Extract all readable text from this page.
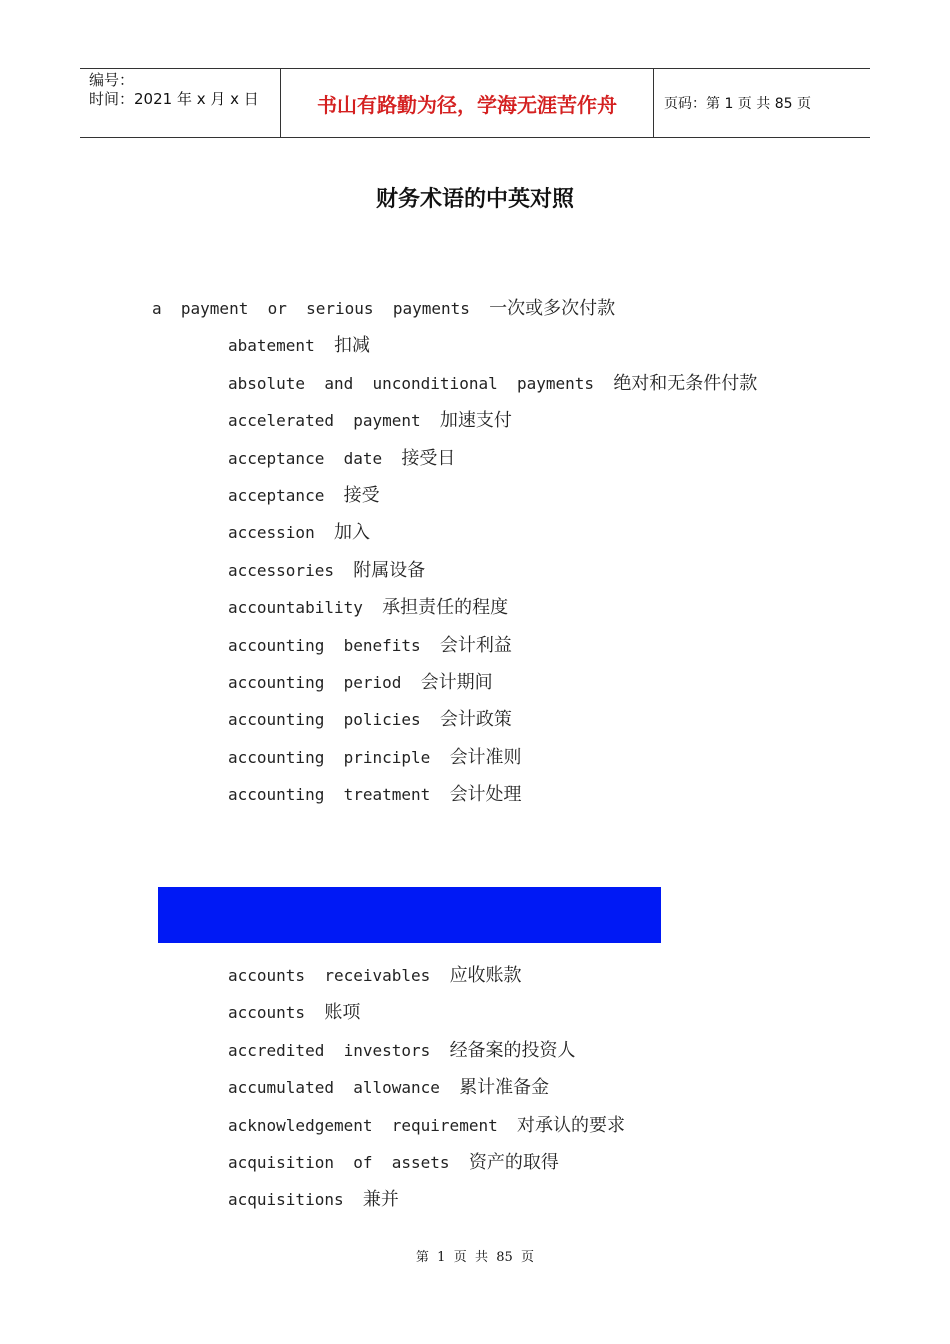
编号：
时间：2021 年 x 月 x 日	书山有路勤为径，学海无涯苦作舟	页码：第 1 页 共 85 页
财务术语的中英对照
a  payment  or  serious  payments 一次或多次付款
abatement 扣减
absolute  and  unconditional  payments 绝对和无条件付款
accelerated  payment 加速支付
acceptance  date 接受日
acceptance 接受
accession 加入
accessories 附属设备
accountability 承担责任的程度
accounting  benefits 会计利益
accounting  period 会计期间
accounting  policies 会计政策
accounting  principle 会计准则
accounting  treatment 会计处理
accounts  receivables 应收账款
accounts 账项
accredited  investors 经备案的投资人
accumulated  allowance 累计准备金
acknowledgement  requirement 对承认的要求
acquisition  of  assets 资产的取得
acquisitions 兼并
第  1  页  共  85  页
